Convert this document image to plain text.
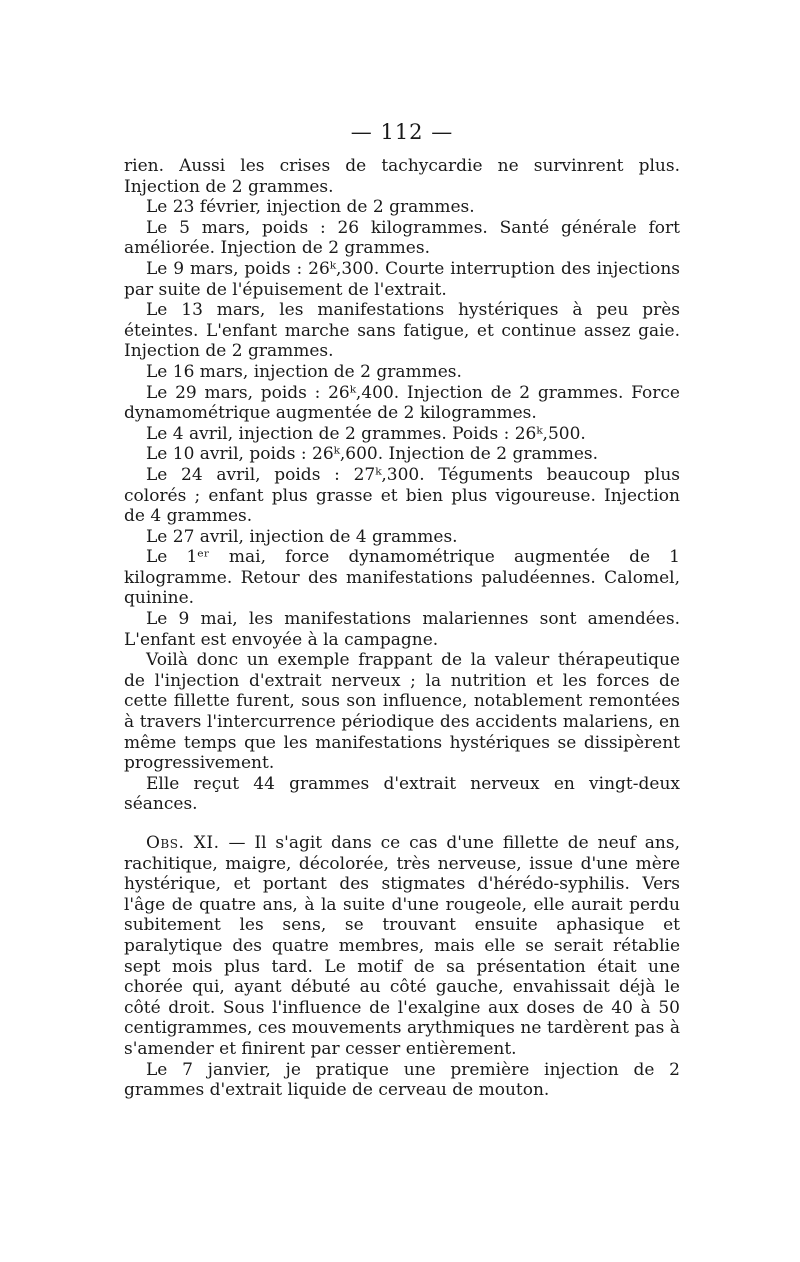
— 112 —

rien. Aussi les crises de tachycardie ne survinrent plus. Injection de 2 grammes.

Le 23 février, injection de 2 grammes.

Le 5 mars, poids : 26 kilogrammes. Santé générale fort améliorée. Injection de 2 grammes.

Le 9 mars, poids : 26ᵏ,300. Courte interruption des injections par suite de l'épuisement de l'extrait.

Le 13 mars, les manifestations hystériques à peu près éteintes. L'enfant marche sans fatigue, et continue assez gaie. Injection de 2 grammes.

Le 16 mars, injection de 2 grammes.

Le 29 mars, poids : 26ᵏ,400. Injection de 2 grammes. Force dynamométrique augmentée de 2 kilogrammes.

Le 4 avril, injection de 2 grammes. Poids : 26ᵏ,500.

Le 10 avril, poids : 26ᵏ,600. Injection de 2 grammes.

Le 24 avril, poids : 27ᵏ,300. Téguments beaucoup plus colorés ; enfant plus grasse et bien plus vigoureuse. Injection de 4 grammes.

Le 27 avril, injection de 4 grammes.

Le 1ᵉʳ mai, force dynamométrique augmentée de 1 kilogramme. Retour des manifestations paludéennes. Calomel, quinine.

Le 9 mai, les manifestations malariennes sont amendées. L'enfant est envoyée à la campagne.

Voilà donc un exemple frappant de la valeur thérapeutique de l'injection d'extrait nerveux ; la nutrition et les forces de cette fillette furent, sous son influence, notablement remontées à travers l'intercurrence périodique des accidents malariens, en même temps que les manifestations hystériques se dissipèrent progressivement.

Elle reçut 44 grammes d'extrait nerveux en vingt-deux séances.

Obs. XI. — Il s'agit dans ce cas d'une fillette de neuf ans, rachitique, maigre, décolorée, très nerveuse, issue d'une mère hystérique, et portant des stigmates d'hérédo-syphilis. Vers l'âge de quatre ans, à la suite d'une rougeole, elle aurait perdu subitement les sens, se trouvant ensuite aphasique et paralytique des quatre membres, mais elle se serait rétablie sept mois plus tard. Le motif de sa présentation était une chorée qui, ayant débuté au côté gauche, envahissait déjà le côté droit. Sous l'influence de l'exalgine aux doses de 40 à 50 centigrammes, ces mouvements arythmiques ne tardèrent pas à s'amender et finirent par cesser entièrement.

Le 7 janvier, je pratique une première injection de 2 grammes d'extrait liquide de cerveau de mouton.
